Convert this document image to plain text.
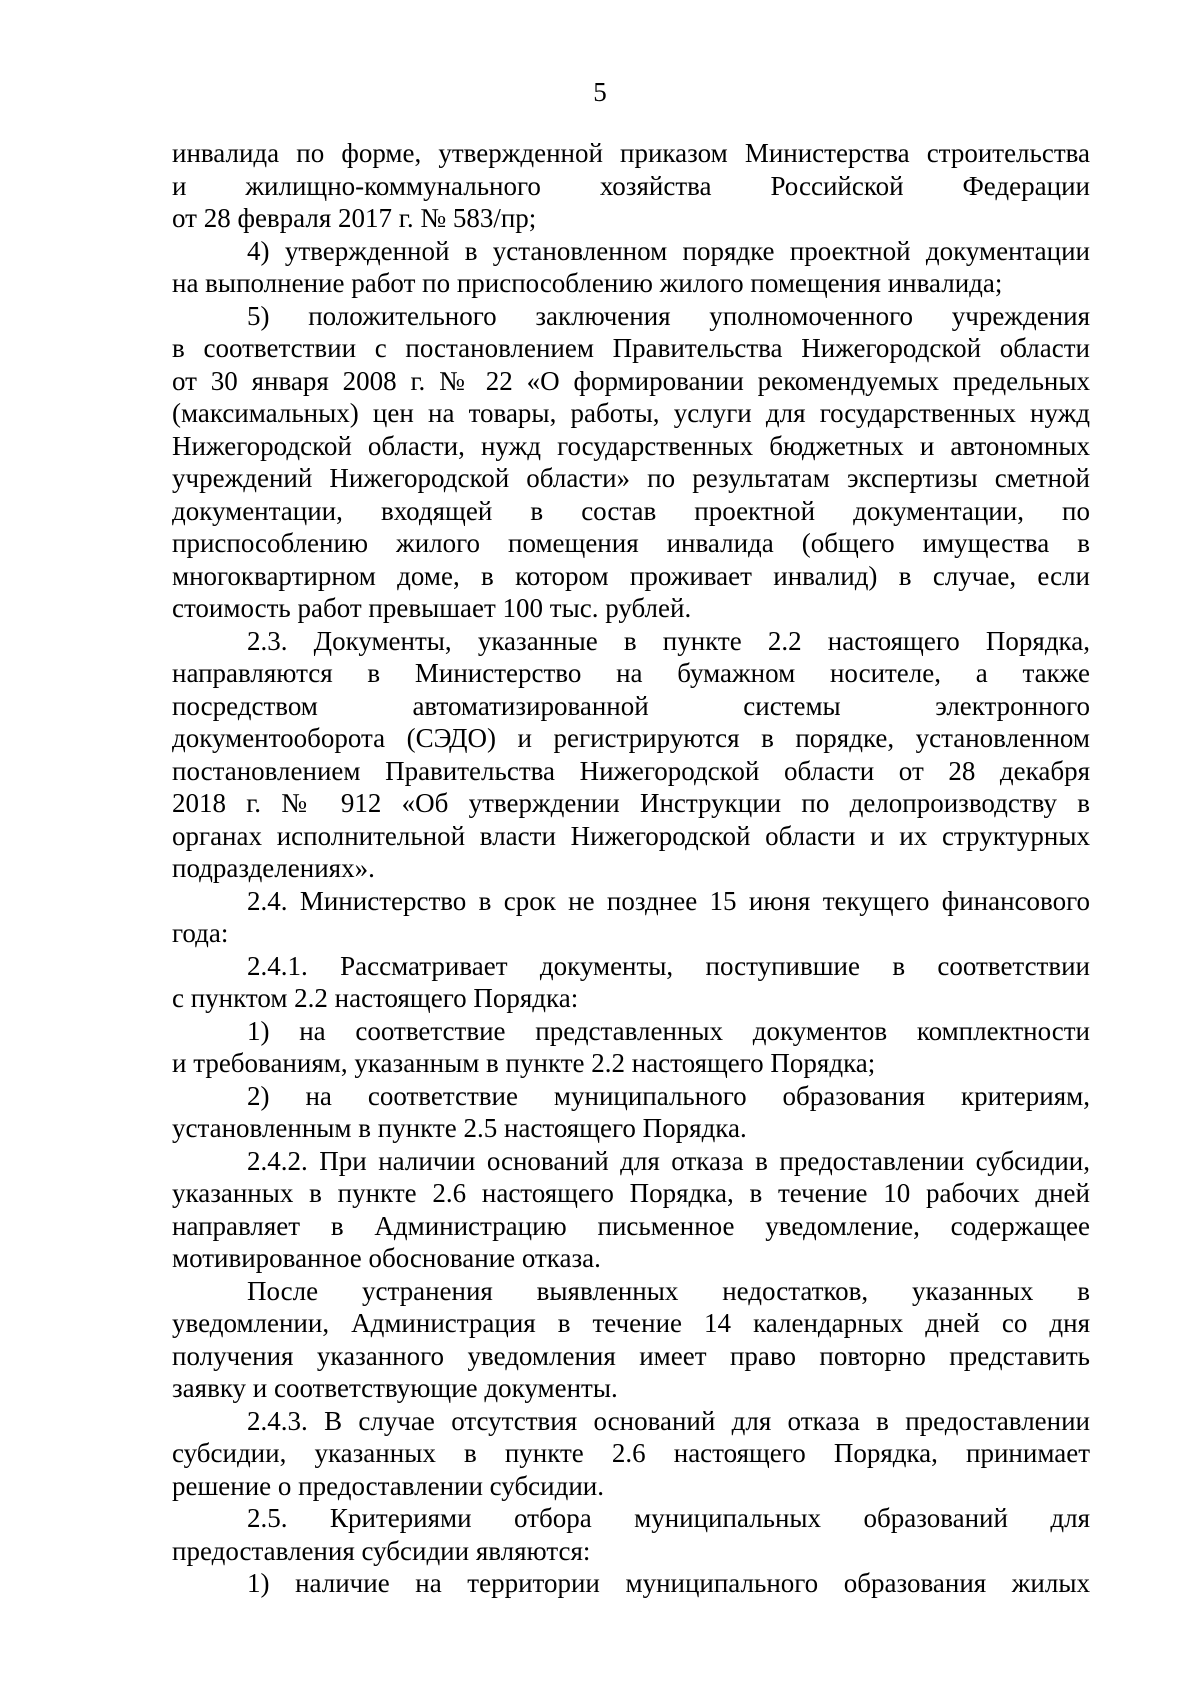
5
инвалида по форме, утвержденной приказом Министерства строительства
и жилищно-коммунального хозяйства Российской Федерации
от 28 февраля 2017 г. № 583/пр;
4) утвержденной в установленном порядке проектной документации
на выполнение работ по приспособлению жилого помещения инвалида;
5) положительного заключения уполномоченного учреждения
в соответствии с постановлением Правительства Нижегородской области
от 30 января 2008 г. № 22 «О формировании рекомендуемых предельных
(максимальных) цен на товары, работы, услуги для государственных нужд
Нижегородской области, нужд государственных бюджетных и автономных
учреждений Нижегородской области» по результатам экспертизы сметной
документации, входящей в состав проектной документации, по
приспособлению жилого помещения инвалида (общего имущества в
многоквартирном доме, в котором проживает инвалид) в случае, если
стоимость работ превышает 100 тыс. рублей.
2.3. Документы, указанные в пункте 2.2 настоящего Порядка,
направляются в Министерство на бумажном носителе, а также
посредством автоматизированной системы электронного
документооборота (СЭДО) и регистрируются в порядке, установленном
постановлением Правительства Нижегородской области от 28 декабря
2018 г. № 912 «Об утверждении Инструкции по делопроизводству в
органах исполнительной власти Нижегородской области и их структурных
подразделениях».
2.4. Министерство в срок не позднее 15 июня текущего финансового
года:
2.4.1. Рассматривает документы, поступившие в соответствии
с пунктом 2.2 настоящего Порядка:
1) на соответствие представленных документов комплектности
и требованиям, указанным в пункте 2.2 настоящего Порядка;
2) на соответствие муниципального образования критериям,
установленным в пункте 2.5 настоящего Порядка.
2.4.2. При наличии оснований для отказа в предоставлении субсидии,
указанных в пункте 2.6 настоящего Порядка, в течение 10 рабочих дней
направляет в Администрацию письменное уведомление, содержащее
мотивированное обоснование отказа.
После устранения выявленных недостатков, указанных в
уведомлении, Администрация в течение 14 календарных дней со дня
получения указанного уведомления имеет право повторно представить
заявку и соответствующие документы.
2.4.3. В случае отсутствия оснований для отказа в предоставлении
субсидии, указанных в пункте 2.6 настоящего Порядка, принимает
решение о предоставлении субсидии.
2.5. Критериями отбора муниципальных образований для
предоставления субсидии являются:
1) наличие на территории муниципального образования жилых
